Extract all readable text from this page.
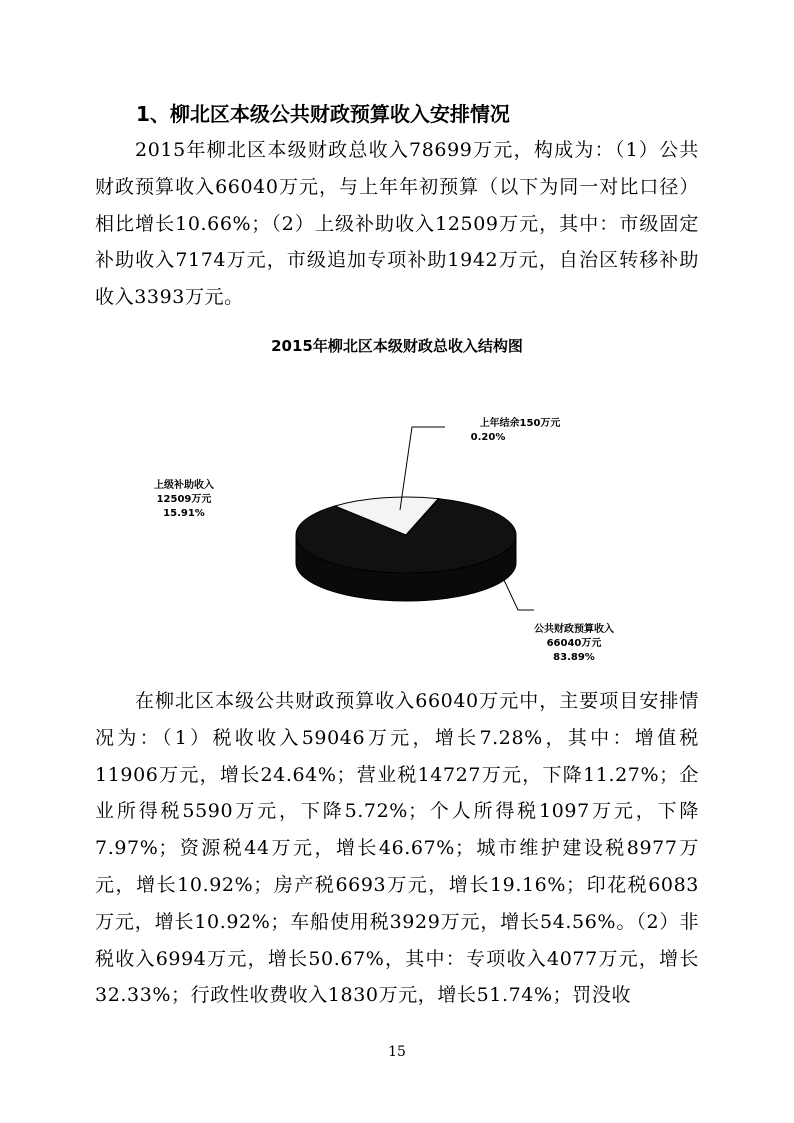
1、柳北区本级公共财政预算收入安排情况

2015年柳北区本级财政总收入78699万元，构成为：（1）公共财政预算收入66040万元，与上年年初预算（以下为同一对比口径）相比增长10.66%；（2）上级补助收入12509万元，其中：市级固定补助收入7174万元，市级追加专项补助1942万元，自治区转移补助收入3393万元。

2015年柳北区本级财政总收入结构图
上年结余150万元
0.20%
上级补助收入
12509万元
15.91%
公共财政预算收入
66040万元
83.89%

在柳北区本级公共财政预算收入66040万元中，主要项目安排情况为：（1）税收收入59046万元，增长7.28%，其中：增值税11906万元，增长24.64%；营业税14727万元，下降11.27%；企业所得税5590万元，下降5.72%；个人所得税1097万元，下降7.97%；资源税44万元，增长46.67%；城市维护建设税8977万元，增长10.92%；房产税6693万元，增长19.16%；印花税6083万元，增长10.92%；车船使用税3929万元，增长54.56%。（2）非税收入6994万元，增长50.67%，其中：专项收入4077万元，增长32.33%；行政性收费收入1830万元，增长51.74%；罚没收

15
